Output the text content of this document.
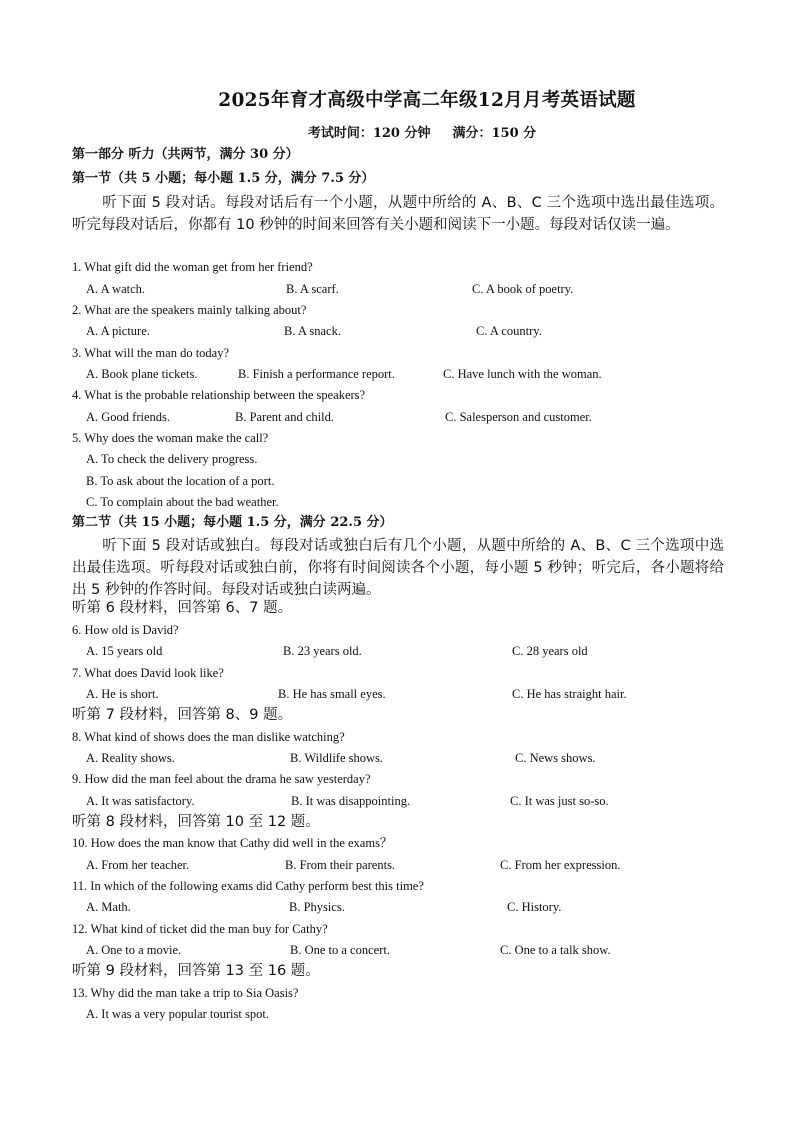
2025年育才高级中学高二年级12月月考英语试题
考试时间：120 分钟 满分：150 分
第一部分 听力（共两节，满分 30 分）
第一节（共 5 小题；每小题 1.5 分，满分 7.5 分）
听下面 5 段对话。每段对话后有一个小题，从题中所给的 A、B、C 三个选项中选出最佳选项。听完每段对话后，你都有 10 秒钟的时间来回答有关小题和阅读下一小题。每段对话仅读一遍。
1. What gift did the woman get from her friend?
A. A watch.	B. A scarf.	C. A book of poetry.
2. What are the speakers mainly talking about?
A. A picture.	B. A snack.	C. A country.
3. What will the man do today?
A. Book plane tickets.	B. Finish a performance report.	C. Have lunch with the woman.
4. What is the probable relationship between the speakers?
A. Good friends.	B. Parent and child.	C. Salesperson and customer.
5. Why does the woman make the call?
A. To check the delivery progress.
B. To ask about the location of a port.
C. To complain about the bad weather.
第二节（共 15 小题；每小题 1.5 分，满分 22.5 分）
听下面 5 段对话或独白。每段对话或独白后有几个小题，从题中所给的 A、B、C 三个选项中选出最佳选项。听每段对话或独白前，你将有时间阅读各个小题，每小题 5 秒钟；听完后，各小题将给出 5 秒钟的作答时间。每段对话或独白读两遍。
听第 6 段材料，回答第 6、7 题。
6. How old is David?
A. 15 years old	B. 23 years old.	C. 28 years old
7. What does David look like?
A. He is short.	B. He has small eyes.	C. He has straight hair.
听第 7 段材料，回答第 8、9 题。
8. What kind of shows does the man dislike watching?
A. Reality shows.	B. Wildlife shows.	C. News shows.
9. How did the man feel about the drama he saw yesterday?
A. It was satisfactory.	B. It was disappointing.	C. It was just so-so.
听第 8 段材料，回答第 10 至 12 题。
10. How does the man know that Cathy did well in the exams？
A. From her teacher.	B. From their parents.	C. From her expression.
11. In which of the following exams did Cathy perform best this time?
A. Math.	B. Physics.	C. History.
12. What kind of ticket did the man buy for Cathy?
A. One to a movie.	B. One to a concert.	C. One to a talk show.
听第 9 段材料，回答第 13 至 16 题。
13. Why did the man take a trip to Sia Oasis?
A. It was a very popular tourist spot.
